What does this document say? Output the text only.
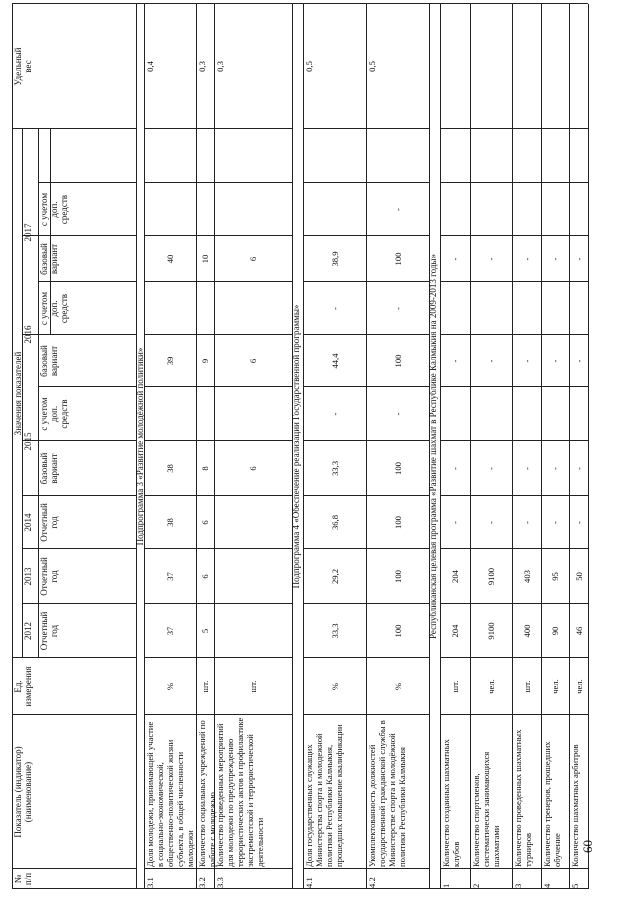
№
п/п
Показатель (индикатор)
(наименование)
Ед.
измерения
Значения показателей
Удельный
вес
2012
2013
2014
2015
2016
2017
Отчетный
год
Отчетный
год
Отчетный
год
базовый
вариант
базовый
вариант
базовый
вариант
с учетом
доп.
средств
с учетом
доп.
средств
с учетом
доп.
средств
Подпрограмма 3 «Развитие молодёжной политики»
3.1
Доля молодежи, принимающей участие в социально-экономической, общественно-политической жизни субъекта, в общей численности молодежи
%
37
37
38
38
39
40
0,4
3.2
Количество социальных учреждений по работе с молодежью
шт.
5
6
6
8
9
10
0,3
3.3
Количество проведенных мероприятий для молодежи по предупреждению террористических актов и профилактике экстремистской и террористической деятельности
шт.
6
6
6
0,3
Подпрограмма 4 «Обеспечение реализации Государственной программы»
4.1
Доля государственных служащих Министерства спорта и молодежной политики Республики Калмыкия, прошедших повышение квалификации
%
33,3
29,2
36,8
33,3
-
44,4
-
38,9
0,5
4.2
Укомплектованность должностей государственной гражданской службы в Министерстве спорта и молодёжной политики Республики Калмыкия
%
100
100
100
100
-
100
-
100
-
0,5
Республиканская целевая программа «Развитие шахмат в Республике Калмыкия на 2009-2013 годы»
1
Количество созданных шахматных клубов
шт.
204
204
-
-
-
-
2
Количество спортсменов, систематически занимающихся шахматами
чел.
9100
9100
-
-
-
-
3
Количество проведенных шахматных турниров
шт.
400
403
-
-
-
-
4
Количество тренеров, прошедших обучение
чел.
90
95
-
-
-
-
5
Количество шахматных арбитров
чел.
46
50
-
-
-
-
60
